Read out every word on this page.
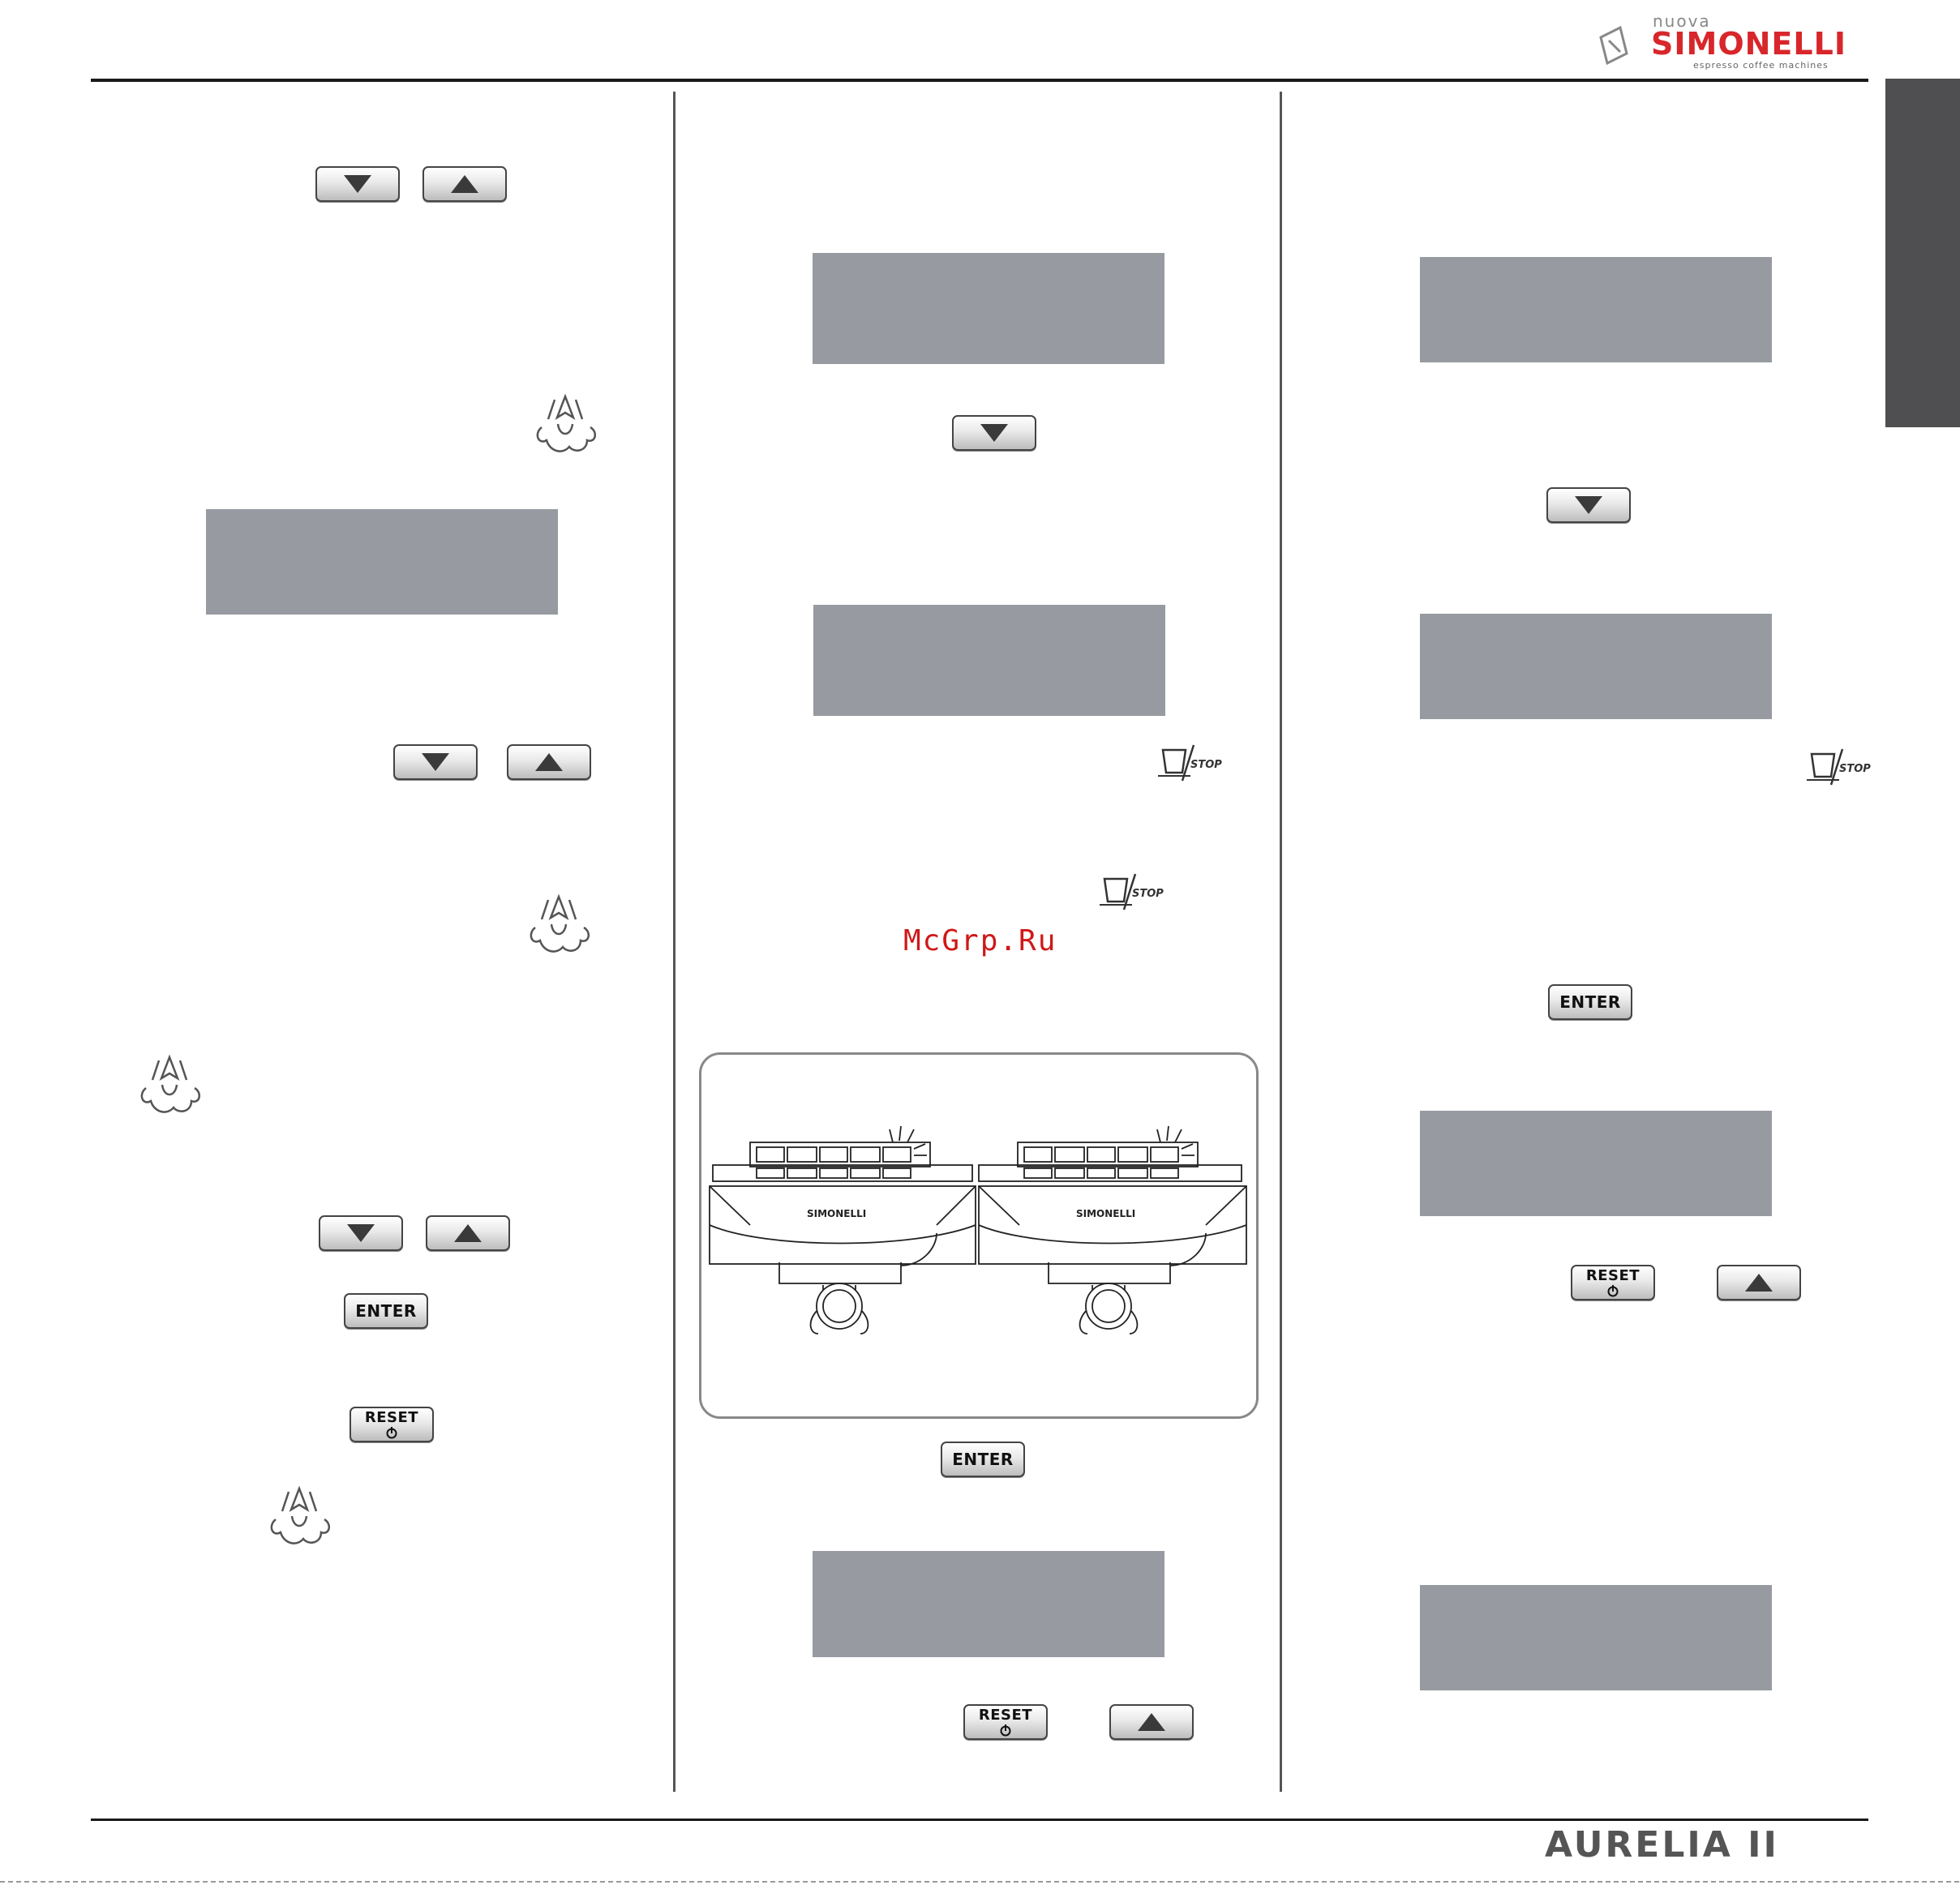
nuova
SIMONELLI
espresso coffee machines
ENTER
RESET
STOP
STOP
McGrp.Ru
SIMONELLI	SIMONELLI
ENTER
RESET
STOP
ENTER
RESET
AURELIA II
